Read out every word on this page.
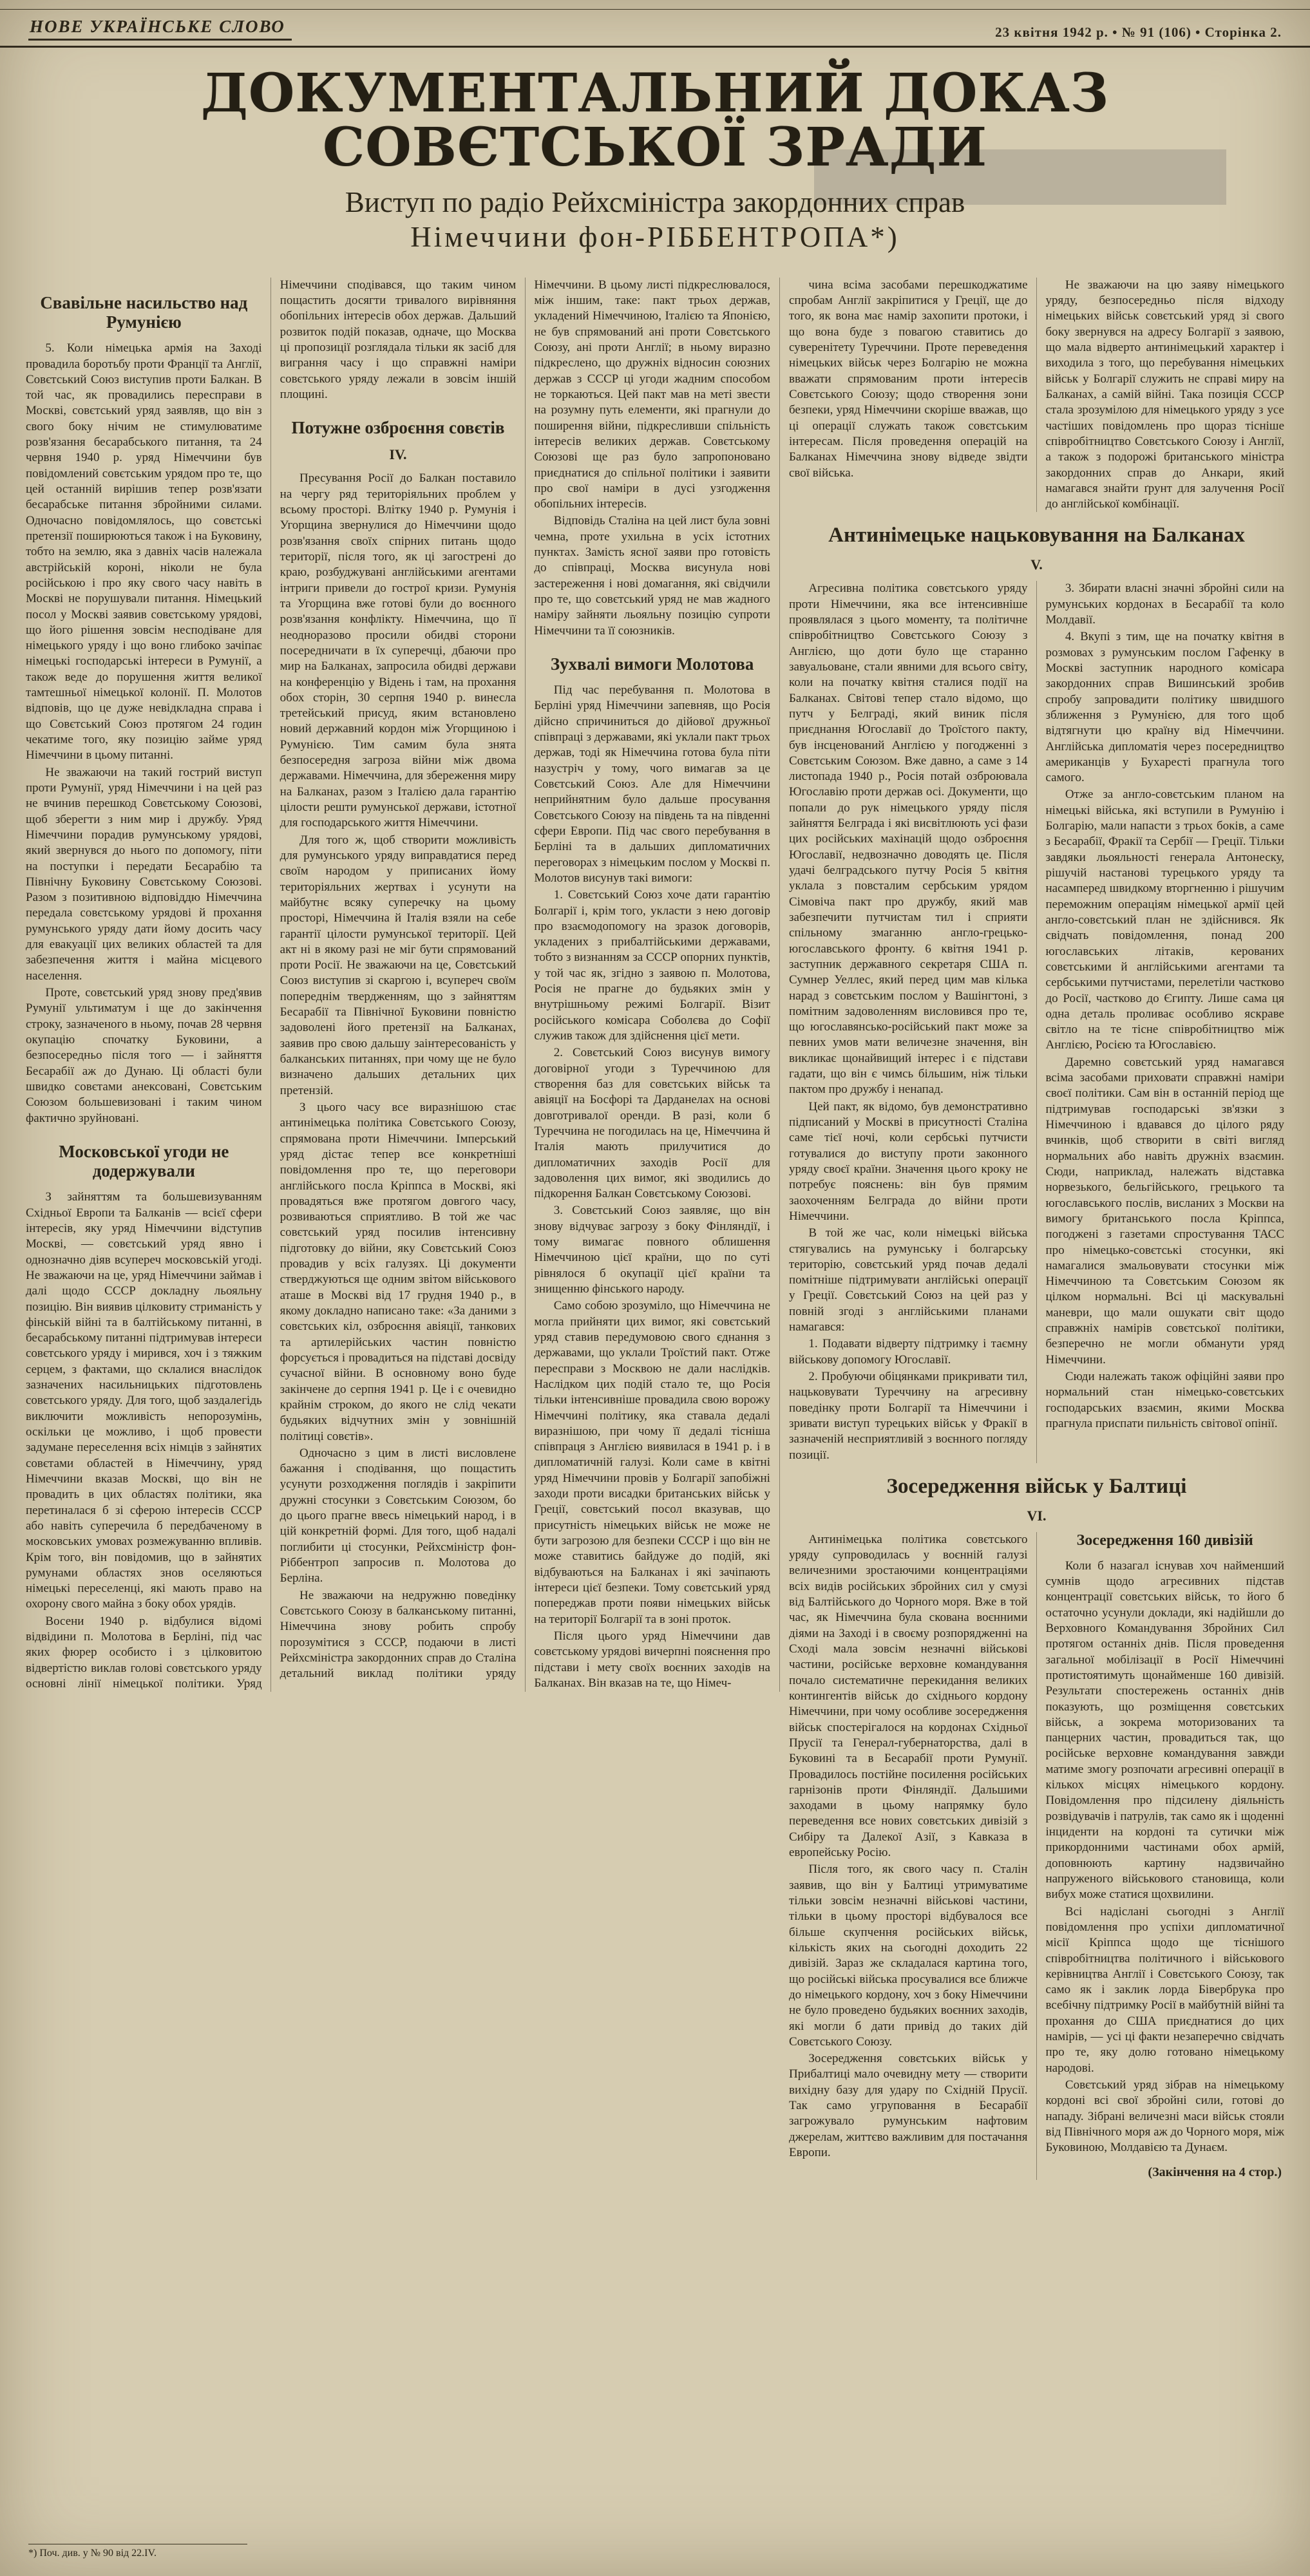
НОВЕ УКРАЇНСЬКЕ СЛОВО	23 квітня 1942 р. • № 91 (106) • Сторінка 2.
ДОКУМЕНТАЛЬНИЙ ДОКАЗ СОВЄТСЬКОЇ ЗРАДИ

Виступ по радіо Рейхсміністра закордонних справ

Німеччини фон-РІББЕНТРОПА*)

Свавільне насильство над Румунією

5. Коли німецька армія на Заході провадила боротьбу проти Франції та Англії, Совєтський Союз виступив проти Балкан. В той час, як провадились пересправи в Москві, совєтський уряд заявляв, що він з свого боку нічим не стимулюватиме розв'язання бесарабського питання, та 24 червня 1940 р. уряд Німеччини був повідомлений совєтським урядом про те, що цей останній вирішив тепер розв'язати бесарабське питання збройними силами. Одночасно повідомлялось, що совєтські претензії поширюються також і на Буковину, тобто на землю, яка з давніх часів належала австрійській короні, ніколи не була російською і про яку свого часу навіть в Москві не порушували питання. Німецький посол у Москві заявив совєтському урядові, що його рішення зовсім несподіване для німецького уряду і що воно глибоко зачіпає німецькі господарські інтереси в Румунії, а також веде до порушення життя великої тамтешньої німецької колонії. П. Молотов відповів, що це дуже невідкладна справа і що Совєтський Союз протягом 24 годин чекатиме того, яку позицію займе уряд Німеччини в цьому питанні.

Не зважаючи на такий гострий виступ проти Румунії, уряд Німеччини і на цей раз не вчинив перешкод Совєтському Союзові, щоб зберегти з ним мир і дружбу. Уряд Німеччини порадив румунському урядові, який звернувся до нього по допомогу, піти на поступки і передати Бесарабію та Північну Буковину Совєтському Союзові. Разом з позитивною відповіддю Німеччина передала совєтському урядові й прохання румунського уряду дати йому досить часу для евакуації цих великих областей та для забезпечення життя і майна місцевого населення.

Проте, совєтський уряд знову пред'явив Румунії ультиматум і ще до закінчення строку, зазначеного в ньому, почав 28 червня окупацію спочатку Буковини, а безпосередньо після того — і зайняття Бесарабії аж до Дунаю. Ці області були швидко совєтами анексовані, Совєтським Союзом большевизовані і таким чином фактично зруйновані.

Московської угоди не додержували

З зайняттям та большевизуванням Східньої Европи та Балканів — всієї сфери інтересів, яку уряд Німеччини відступив Москві, — совєтський уряд явно і однозначно діяв всупереч московській угоді. Не зважаючи на це, уряд Німеччини займав і далі щодо СССР докладну льояльну позицію. Він виявив цілковиту стриманість у фінській війні та в балтійському питанні, в бесарабському питанні підтримував інтереси совєтського уряду і мирився, хоч і з тяжким серцем, з фактами, що склалися внаслідок зазначених насильницьких підготовлень совєтського уряду. Для того, щоб заздалегідь виключити можливість непорозумінь, оскільки це можливо, і щоб провести задумане переселення всіх німців з зайнятих совєтами областей в Німеччину, уряд Німеччини вказав Москві, що він не провадить в цих областях політики, яка перетиналася б зі сферою інтересів СССР або навіть суперечила б передбаченому в московських умовах розмежуванню впливів. Крім того, він повідомив, що в зайнятих румунами областях знов оселяються німецькі переселенці, які мають право на охорону свого майна з боку обох урядів.

Восени 1940 р. відбулися відомі відвідини п. Молотова в Берліні, під час яких фюрер особисто і з цілковитою відвертістю виклав голові совєтського уряду основні лінії німецької політики. Уряд Німеччини сподівався, що таким чином пощастить досягти тривалого вирівняння обопільних інтересів обох держав. Дальший розвиток подій показав, одначе, що Москва ці пропозиції розглядала тільки як засіб для виграння часу і що справжні наміри совєтського уряду лежали в зовсім іншій площині.

Потужне озброєння совєтів
IV.

Пресування Росії до Балкан поставило на чергу ряд територіяльних проблем у всьому просторі. Влітку 1940 р. Румунія і Угорщина звернулися до Німеччини щодо розв'язання своїх спірних питань щодо території, після того, як ці загострені до краю, розбуджувані англійськими агентами інтриги привели до гострої кризи. Румунія та Угорщина вже готові були до воєнного розв'язання конфлікту. Німеччина, що її неодноразово просили обидві сторони посередничати в їх суперечці, дбаючи про мир на Балканах, запросила обидві держави на конференцію у Відень і там, на прохання обох сторін, 30 серпня 1940 р. винесла третейський присуд, яким встановлено новий державний кордон між Угорщиною і Румунією. Тим самим була знята безпосередня загроза війни між двома державами. Німеччина, для збереження миру на Балканах, разом з Італією дала гарантію цілости решти румунської держави, істотної для господарського життя Німеччини.

Для того ж, щоб створити можливість для румунського уряду виправдатися перед своїм народом у приписаних йому територіяльних жертвах і усунути на майбутнє всяку суперечку на цьому просторі, Німеччина й Італія взяли на себе гарантії цілости румунської території. Цей акт ні в якому разі не міг бути спрямований проти Росії. Не зважаючи на це, Совєтський Союз виступив зі скаргою і, всупереч своїм попереднім твердженням, що з зайняттям Бесарабії та Північної Буковини повністю задоволені його претензії на Балканах, заявив про свою дальшу заінтересованість у балканських питаннях, при чому ще не було визначено дальших детальних цих претензій.

З цього часу все виразнішою стає антинімецька політика Совєтського Союзу, спрямована проти Німеччини. Імперський уряд дістає тепер все конкретніші повідомлення про те, що переговори англійського посла Кріппса в Москві, які провадяться вже протягом довгого часу, розвиваються сприятливо. В той же час совєтський уряд посилив інтенсивну підготовку до війни, яку Совєтський Союз провадив у всіх галузях. Ці документи стверджуються ще одним звітом військового аташе в Москві від 17 грудня 1940 р., в якому докладно написано таке: «За даними з совєтських кіл, озброєння авіяції, танкових та артилерійських частин повністю форсується і провадиться на підставі досвіду сучасної війни. В основному воно буде закінчене до серпня 1941 р. Це і є очевидно крайнім строком, до якого не слід чекати будьяких відчутних змін у зовнішній політиці совєтів».

Одночасно з цим в листі висловлене бажання і сподівання, що пощастить усунути розходження поглядів і закріпити дружні стосунки з Совєтським Союзом, бо до цього прагне ввесь німецький народ, і в цій конкретній формі. Для того, щоб надалі поглибити ці стосунки, Рейхсміністр фон-Ріббентроп запросив п. Молотова до Берліна.

Не зважаючи на недружню поведінку Совєтського Союзу в балканському питанні, Німеччина знову робить спробу порозумітися з СССР, подаючи в листі Рейхсміністра закордонних справ до Сталіна детальний виклад політики уряду Німеччини. В цьому листі підкреслювалося, між іншим, таке: пакт трьох держав, укладений Німеччиною, Італією та Японією, не був спрямований ані проти Совєтського Союзу, ані проти Англії; в ньому виразно підкреслено, що дружніх відносин союзних держав з СССР ці угоди жадним способом не торкаються. Цей пакт мав на меті звести на розумну путь елементи, які прагнули до поширення війни, підкресливши спільність інтересів великих держав. Совєтському Союзові ще раз було запропоновано приєднатися до спільної політики і заявити про свої наміри в дусі узгодження обопільних інтересів.

Відповідь Сталіна на цей лист була зовні чемна, проте ухильна в усіх істотних пунктах. Замість ясної заяви про готовість до співпраці, Москва висунула нові застереження і нові домагання, які свідчили про те, що совєтський уряд не мав жадного наміру зайняти льояльну позицію супроти Німеччини та її союзників.

Зухвалі вимоги Молотова

Під час перебування п. Молотова в Берліні уряд Німеччини запевняв, що Росія дійсно спричиниться до дійової дружньої співпраці з державами, які уклали пакт трьох держав, тоді як Німеччина готова була піти назустріч у тому, чого вимагав за це Совєтський Союз. Але для Німеччини неприйнятним було дальше просування Совєтського Союзу на південь та на південні сфери Европи. Під час свого перебування в Берліні та в дальших дипломатичних переговорах з німецьким послом у Москві п. Молотов висунув такі вимоги:

1. Совєтський Союз хоче дати гарантію Болгарії і, крім того, укласти з нею договір про взаємодопомогу на зразок договорів, укладених з прибалтійськими державами, тобто з визнанням за СССР опорних пунктів, у той час як, згідно з заявою п. Молотова, Росія не прагне до будьяких змін у внутрішньому режимі Болгарії. Візит російського комісара Соболєва до Софії служив також для здійснення цієї мети.

2. Совєтський Союз висунув вимогу договірної угоди з Туреччиною для створення баз для совєтських військ та авіяції на Босфорі та Дарданелах на основі довготривалої оренди. В разі, коли б Туреччина не погодилась на це, Німеччина й Італія мають прилучитися до дипломатичних заходів Росії для задоволення цих вимог, які зводились до підкорення Балкан Совєтському Союзові.

3. Совєтський Союз заявляє, що він знову відчуває загрозу з боку Фінляндії, і тому вимагає повного облишення Німеччиною цієї країни, що по суті рівнялося б окупації цієї країни та знищенню фінського народу.

Само собою зрозуміло, що Німеччина не могла прийняти цих вимог, які совєтський уряд ставив передумовою свого єднання з державами, що уклали Троїстий пакт. Отже пересправи з Москвою не дали наслідків. Наслідком цих подій стало те, що Росія тільки інтенсивніше провадила свою ворожу Німеччині політику, яка ставала дедалі виразнішою, при чому її дедалі тісніша співпраця з Англією виявилася в 1941 р. і в дипломатичній галузі. Коли саме в квітні уряд Німеччини провів у Болгарії запобіжні заходи проти висадки британських військ у Греції, совєтський посол вказував, що присутність німецьких військ не може не бути загрозою для безпеки СССР і що він не може ставитись байдуже до подій, які відбуваються на Балканах і які зачіпають інтереси цієї безпеки. Тому совєтський уряд попереджав проти появи німецьких військ на території Болгарії та в зоні проток.

Після цього уряд Німеччини дав совєтському урядові вичерпні пояснення про підстави і мету своїх воєнних заходів на Балканах. Він вказав на те, що Німеч-

чина всіма засобами перешкоджатиме спробам Англії закріпитися у Греції, ще до того, як вона має намір захопити протоки, і що вона буде з повагою ставитись до суверенітету Туреччини. Проте переведення німецьких військ через Болгарію не можна вважати спрямованим проти інтересів Совєтського Союзу; щодо створення зони безпеки, уряд Німеччини скоріше вважав, що ці операції служать також совєтським інтересам. Після проведення операцій на Балканах Німеччина знову відведе звідти свої війська.

Не зважаючи на цю заяву німецького уряду, безпосередньо після відходу німецьких військ совєтський уряд зі свого боку звернувся на адресу Болгарії з заявою, що мала відверто антинімецький характер і виходила з того, що перебування німецьких військ у Болгарії служить не справі миру на Балканах, а самій війні. Така позиція СССР стала зрозумілою для німецького уряду з усе частіших повідомлень про щораз тісніше співробітництво Совєтського Союзу і Англії, а також з подорожі британського міністра закордонних справ до Анкари, який намагався знайти ґрунт для залучення Росії до англійської комбінації.

Антинімецьке нацьковування на Балканах
V.

Агресивна політика совєтського уряду проти Німеччини, яка все інтенсивніше проявлялася з цього моменту, та політичне співробітництво Совєтського Союзу з Англією, що доти було ще старанно завуальоване, стали явними для всього світу, коли на початку квітня сталися події на Балканах. Світові тепер стало відомо, що путч у Белграді, який виник після приєднання Югославії до Троїстого пакту, був інсценований Англією у погодженні з Совєтським Союзом. Вже давно, а саме з 14 листопада 1940 р., Росія потай озброювала Югославію проти держав осі. Документи, що попали до рук німецького уряду після зайняття Белграда і які висвітлюють усі фази цих російських махінацій щодо озброєння Югославії, недвозначно доводять це. Після удачі белградського путчу Росія 5 квітня уклала з повсталим сербським урядом Сімовіча пакт про дружбу, який мав забезпечити путчистам тил і сприяти спільному змаганню англо-грецько-югославського фронту. 6 квітня 1941 р. заступник державного секретаря США п. Сумнер Уеллес, який перед цим мав кілька нарад з совєтським послом у Вашінгтоні, з помітним задоволенням висловився про те, що югославянсько-російський пакт може за певних умов мати величезне значення, він викликає щонайвищий інтерес і є підстави гадати, що він є чимсь більшим, ніж тільки пактом про дружбу і ненапад.

Цей пакт, як відомо, був демонстративно підписаний у Москві в присутності Сталіна саме тієї ночі, коли сербські путчисти готувалися до виступу проти законного уряду своєї країни. Значення цього кроку не потребує пояснень: він був прямим заохоченням Белграда до війни проти Німеччини.

В той же час, коли німецькі війська стягувались на румунську і болгарську територію, совєтський уряд почав дедалі помітніше підтримувати англійські операції у Греції. Совєтський Союз на цей раз у повній згоді з англійськими планами намагався:

1. Подавати відверту підтримку і таємну військову допомогу Югославії.

2. Пробуючи обіцянками прикривати тил, нацьковувати Туреччину на агресивну поведінку проти Болгарії та Німеччини і зривати виступ турецьких військ у Фракії в зазначеній несприятливій з воєнного погляду позиції.

3. Збирати власні значні збройні сили на румунських кордонах в Бесарабії та коло Молдавії.

4. Вкупі з тим, ще на початку квітня в розмовах з румунським послом Гафенку в Москві заступник народного комісара закордонних справ Вишинський зробив спробу запровадити політику швидшого зближення з Румунією, для того щоб відтягнути цю країну від Німеччини. Англійська дипломатія через посередництво американців у Бухаресті прагнула того самого.

Отже за англо-совєтським планом на німецькі війська, які вступили в Румунію і Болгарію, мали напасти з трьох боків, а саме з Бесарабії, Фракії та Сербії — Греції. Тільки завдяки льояльності генерала Антонеску, рішучій настанові турецького уряду та насамперед швидкому вторгненню і рішучим переможним операціям німецької армії цей англо-совєтський план не здійснився. Як свідчать повідомлення, понад 200 югославських літаків, керованих совєтськими й англійськими агентами та сербськими путчистами, перелетіли частково до Росії, частково до Єгипту. Лише сама ця одна деталь проливає особливо яскраве світло на те тісне співробітництво між Англією, Росією та Югославією.

Даремно совєтський уряд намагався всіма засобами приховати справжні наміри своєї політики. Сам він в останній період ще підтримував господарські зв'язки з Німеччиною і вдавався до цілого ряду вчинків, щоб створити в світі вигляд нормальних або навіть дружніх взаємин. Сюди, наприклад, належать відставка норвезького, бельгійського, грецького та югославського послів, висланих з Москви на вимогу британського посла Кріппса, погоджені з газетами спростування ТАСС про німецько-совєтські стосунки, які намагалися змальовувати стосунки між Німеччиною та Совєтським Союзом як цілком нормальні. Всі ці маскувальні маневри, що мали ошукати світ щодо справжніх намірів совєтської політики, безперечно не могли обманути уряд Німеччини.

Сюди належать також офіційні заяви про нормальний стан німецько-совєтських господарських взаємин, якими Москва прагнула приспати пильність світової опінії.

Зосередження військ у Балтиці
VI.

Антинімецька політика совєтського уряду супроводилась у воєнній галузі величезними зростаючими концентраціями всіх видів російських збройних сил у смузі від Балтійського до Чорного моря. Вже в той час, як Німеччина була скована воєнними діями на Заході і в своєму розпорядженні на Сході мала зовсім незначні військові частини, російське верховне командування почало систематичне перекидання великих контингентів військ до східнього кордону Німеччини, при чому особливе зосередження військ спостерігалося на кордонах Східньої Прусії та Генерал-губернаторства, далі в Буковині та в Бесарабії проти Румунії. Провадилось постійне посилення російських гарнізонів проти Фінляндії. Дальшими заходами в цьому напрямку було переведення все нових совєтських дивізій з Сибіру та Далекої Азії, з Кавказа в европейську Росію.

Після того, як свого часу п. Сталін заявив, що він у Балтиці утримуватиме тільки зовсім незначні військові частини, тільки в цьому просторі відбувалося все більше скупчення російських військ, кількість яких на сьогодні доходить 22 дивізій. Зараз же складалася картина того, що російські війська просувалися все ближче до німецького кордону, хоч з боку Німеччини не було проведено будьяких воєнних заходів, які могли б дати привід до таких дій Совєтського Союзу.

Зосередження совєтських військ у Прибалтиці мало очевидну мету — створити вихідну базу для удару по Східній Прусії. Так само угруповання в Бесарабії загрожувало румунським нафтовим джерелам, життєво важливим для постачання Европи.

Зосередження 160 дивізій

Коли б назагал існував хоч найменший сумнів щодо агресивних підстав концентрації совєтських військ, то його б остаточно усунули доклади, які надійшли до Верховного Командування Збройних Сил протягом останніх днів. Після проведення загальної мобілізації в Росії Німеччині протистоятимуть щонайменше 160 дивізій. Результати спостережень останніх днів показують, що розміщення совєтських військ, а зокрема моторизованих та панцерних частин, провадиться так, що російське верховне командування завжди матиме змогу розпочати агресивні операції в кількох місцях німецького кордону. Повідомлення про підсилену діяльність розвідувачів і патрулів, так само як і щоденні інциденти на кордоні та сутички між прикордонними частинами обох армій, доповнюють картину надзвичайно напруженого військового становища, коли вибух може статися щохвилини.

Всі надіслані сьогодні з Англії повідомлення про успіхи дипломатичної місії Кріппса щодо ще тіснішого співробітництва політичного і військового керівництва Англії і Совєтського Союзу, так само як і заклик лорда Бівербрука про всебічну підтримку Росії в майбутній війні та прохання до США приєднатися до цих намірів, — усі ці факти незаперечно свідчать про те, яку долю готовано німецькому народові.

Совєтський уряд зібрав на німецькому кордоні всі свої збройні сили, готові до нападу. Зібрані величезні маси військ стояли від Північного моря аж до Чорного моря, між Буковиною, Молдавією та Дунаєм.

(Закінчення на 4 стор.)

*) Поч. див. у № 90 від 22.IV.
